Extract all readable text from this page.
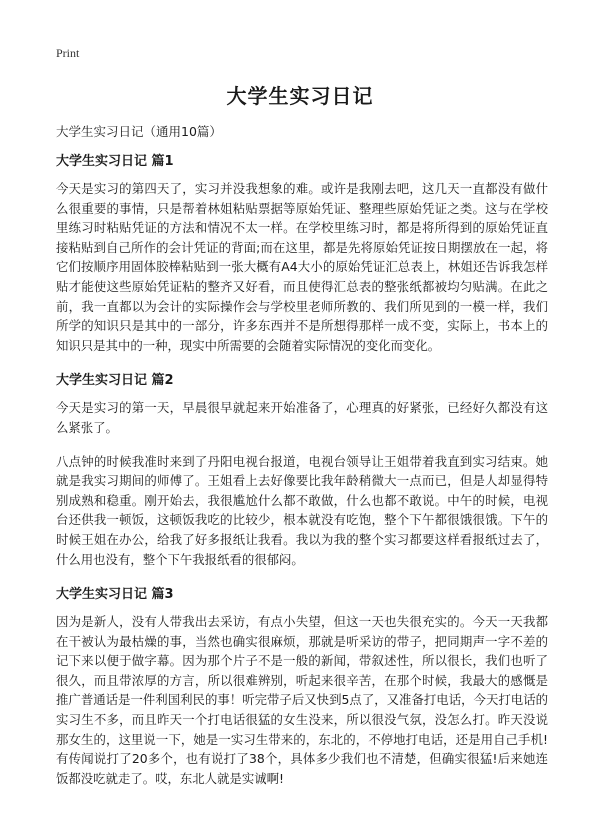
Print
大学生实习日记
大学生实习日记（通用10篇）
大学生实习日记 篇1

今天是实习的第四天了，实习并没我想象的难。或许是我刚去吧，这几天一直都没有做什么很重要的事情，只是帮着林姐粘贴票据等原始凭证、整理些原始凭证之类。这与在学校里练习时粘贴凭证的方法和情况不太一样。在学校里练习时，都是将所得到的原始凭证直接粘贴到自己所作的会计凭证的背面;而在这里，都是先将原始凭证按日期摆放在一起，将它们按顺序用固体胶棒粘贴到一张大概有A4大小的原始凭证汇总表上，林姐还告诉我怎样贴才能使这些原始凭证粘的整齐又好看，而且使得汇总表的整张纸都被均匀贴满。在此之前，我一直都以为会计的实际操作会与学校里老师所教的、我们所见到的一模一样，我们所学的知识只是其中的一部分，许多东西并不是所想得那样一成不变，实际上，书本上的知识只是其中的一种，现实中所需要的会随着实际情况的变化而变化。

大学生实习日记 篇2

今天是实习的第一天，早晨很早就起来开始准备了，心理真的好紧张，已经好久都没有这么紧张了。

八点钟的时候我准时来到了丹阳电视台报道，电视台领导让王姐带着我直到实习结束。她就是我实习期间的师傅了。王姐看上去好像要比我年龄稍微大一点而已，但是人却显得特别成熟和稳重。刚开始去，我很尴尬什么都不敢做，什么也都不敢说。中午的时候，电视台还供我一顿饭，这顿饭我吃的比较少，根本就没有吃饱，整个下午都很饿很饿。下午的时候王姐在办公，给我了好多报纸让我看。我以为我的整个实习都要这样看报纸过去了，什么用也没有，整个下午我报纸看的很郁闷。

大学生实习日记 篇3

因为是新人，没有人带我出去采访，有点小失望，但这一天也失很充实的。今天一天我都在干被认为最枯燥的事，当然也确实很麻烦，那就是听采访的带子，把同期声一字不差的记下来以便于做字幕。因为那个片子不是一般的新闻，带叙述性，所以很长，我们也听了很久，而且带浓厚的方言，所以很难辨别，听起来很辛苦，在那个时候，我最大的感慨是推广普通话是一件利国利民的事！听完带子后又快到5点了，又准备打电话，今天打电话的实习生不多，而且昨天一个打电话很猛的女生没来，所以很没气氛，没怎么打。昨天没说那女生的，这里说一下，她是一实习生带来的，东北的，不停地打电话，还是用自己手机!有传闻说打了20多个，也有说打了38个，具体多少我们也不清楚，但确实很猛!后来她连饭都没吃就走了。哎，东北人就是实诚啊!
